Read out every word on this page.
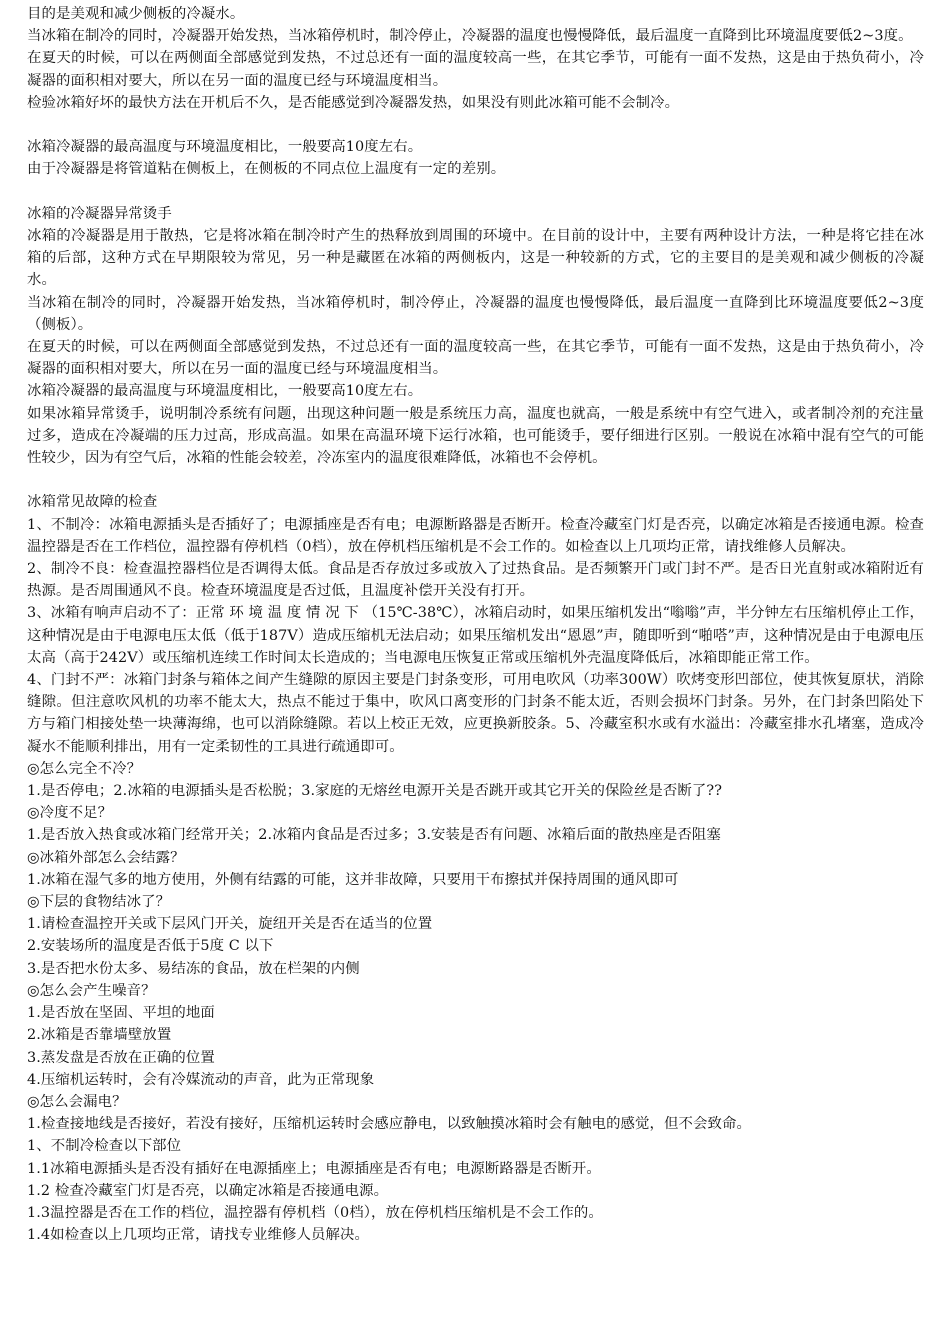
目的是美观和减少侧板的冷凝水。
当冰箱在制冷的同时，冷凝器开始发热，当冰箱停机时，制冷停止，冷凝器的温度也慢慢降低，最后温度一直降到比环境温度要低2~3度。
在夏天的时候，可以在两侧面全部感觉到发热，不过总还有一面的温度较高一些，在其它季节，可能有一面不发热，这是由于热负荷小，冷凝器的面积相对要大，所以在另一面的温度已经与环境温度相当。
检验冰箱好坏的最快方法在开机后不久，是否能感觉到冷凝器发热，如果没有则此冰箱可能不会制冷。
冰箱冷凝器的最高温度与环境温度相比，一般要高10度左右。
由于冷凝器是将管道粘在侧板上，在侧板的不同点位上温度有一定的差别。
冰箱的冷凝器异常烫手
冰箱的冷凝器是用于散热，它是将冰箱在制冷时产生的热释放到周围的环境中。在目前的设计中，主要有两种设计方法，一种是将它挂在冰箱的后部，这种方式在早期限较为常见，另一种是藏匿在冰箱的两侧板内，这是一种较新的方式，它的主要目的是美观和减少侧板的冷凝水。
当冰箱在制冷的同时，冷凝器开始发热，当冰箱停机时，制冷停止，冷凝器的温度也慢慢降低，最后温度一直降到比环境温度要低2~3度（侧板）。
在夏天的时候，可以在两侧面全部感觉到发热，不过总还有一面的温度较高一些，在其它季节，可能有一面不发热，这是由于热负荷小，冷凝器的面积相对要大，所以在另一面的温度已经与环境温度相当。
冰箱冷凝器的最高温度与环境温度相比，一般要高10度左右。
如果冰箱异常烫手，说明制冷系统有问题，出现这种问题一般是系统压力高，温度也就高，一般是系统中有空气进入，或者制冷剂的充注量过多，造成在冷凝端的压力过高，形成高温。如果在高温环境下运行冰箱，也可能烫手，要仔细进行区别。一般说在冰箱中混有空气的可能性较少，因为有空气后，冰箱的性能会较差，冷冻室内的温度很难降低，冰箱也不会停机。
冰箱常见故障的检查
1、不制冷：冰箱电源插头是否插好了；电源插座是否有电；电源断路器是否断开。检查冷藏室门灯是否亮，以确定冰箱是否接通电源。检查温控器是否在工作档位，温控器有停机档（0档），放在停机档压缩机是不会工作的。如检查以上几项均正常，请找维修人员解决。
2、制冷不良：检查温控器档位是否调得太低。食品是否存放过多或放入了过热食品。是否频繁开门或门封不严。是否日光直射或冰箱附近有热源。是否周围通风不良。检查环境温度是否过低，且温度补偿开关没有打开。
3、冰箱有响声启动不了：正常 环 境 温 度 情 况 下 （15℃-38℃），冰箱启动时，如果压缩机发出“嗡嗡”声，半分钟左右压缩机停止工作，这种情况是由于电源电压太低（低于187V）造成压缩机无法启动；如果压缩机发出“恩恩”声，随即听到“啪嗒”声，这种情况是由于电源电压太高（高于242V）或压缩机连续工作时间太长造成的；当电源电压恢复正常或压缩机外壳温度降低后，冰箱即能正常工作。
4、门封不严：冰箱门封条与箱体之间产生缝隙的原因主要是门封条变形，可用电吹风（功率300W）吹烤变形凹部位，使其恢复原状，消除缝隙。但注意吹风机的功率不能太大，热点不能过于集中，吹风口离变形的门封条不能太近，否则会损坏门封条。另外，在门封条凹陷处下方与箱门相接处垫一块薄海绵，也可以消除缝隙。若以上校正无效，应更换新胶条。5、冷藏室积水或有水溢出：冷藏室排水孔堵塞，造成冷凝水不能顺利排出，用有一定柔韧性的工具进行疏通即可。
◎怎么完全不冷？
1.是否停电；2.冰箱的电源插头是否松脱；3.家庭的无熔丝电源开关是否跳开或其它开关的保险丝是否断了??
◎冷度不足？
1.是否放入热食或冰箱门经常开关；2.冰箱内食品是否过多；3.安装是否有问题、冰箱后面的散热座是否阻塞
◎冰箱外部怎么会结露？
1.冰箱在湿气多的地方使用，外侧有结露的可能，这并非故障，只要用干布擦拭并保持周围的通风即可
◎下层的食物结冰了？
1.请检查温控开关或下层风门开关，旋纽开关是否在适当的位置
2.安装场所的温度是否低于5度 C 以下
3.是否把水份太多、易结冻的食品，放在栏架的内侧
◎怎么会产生噪音？
1.是否放在坚固、平坦的地面
2.冰箱是否靠墙壁放置
3.蒸发盘是否放在正确的位置
4.压缩机运转时，会有冷媒流动的声音，此为正常现象
◎怎么会漏电？
1.检查接地线是否接好，若没有接好，压缩机运转时会感应静电，以致触摸冰箱时会有触电的感觉，但不会致命。
1、不制冷检查以下部位
1.1冰箱电源插头是否没有插好在电源插座上；电源插座是否有电；电源断路器是否断开。
1.2 检查冷藏室门灯是否亮，以确定冰箱是否接通电源。
1.3温控器是否在工作的档位，温控器有停机档（0档），放在停机档压缩机是不会工作的。
1.4如检查以上几项均正常，请找专业维修人员解决。
